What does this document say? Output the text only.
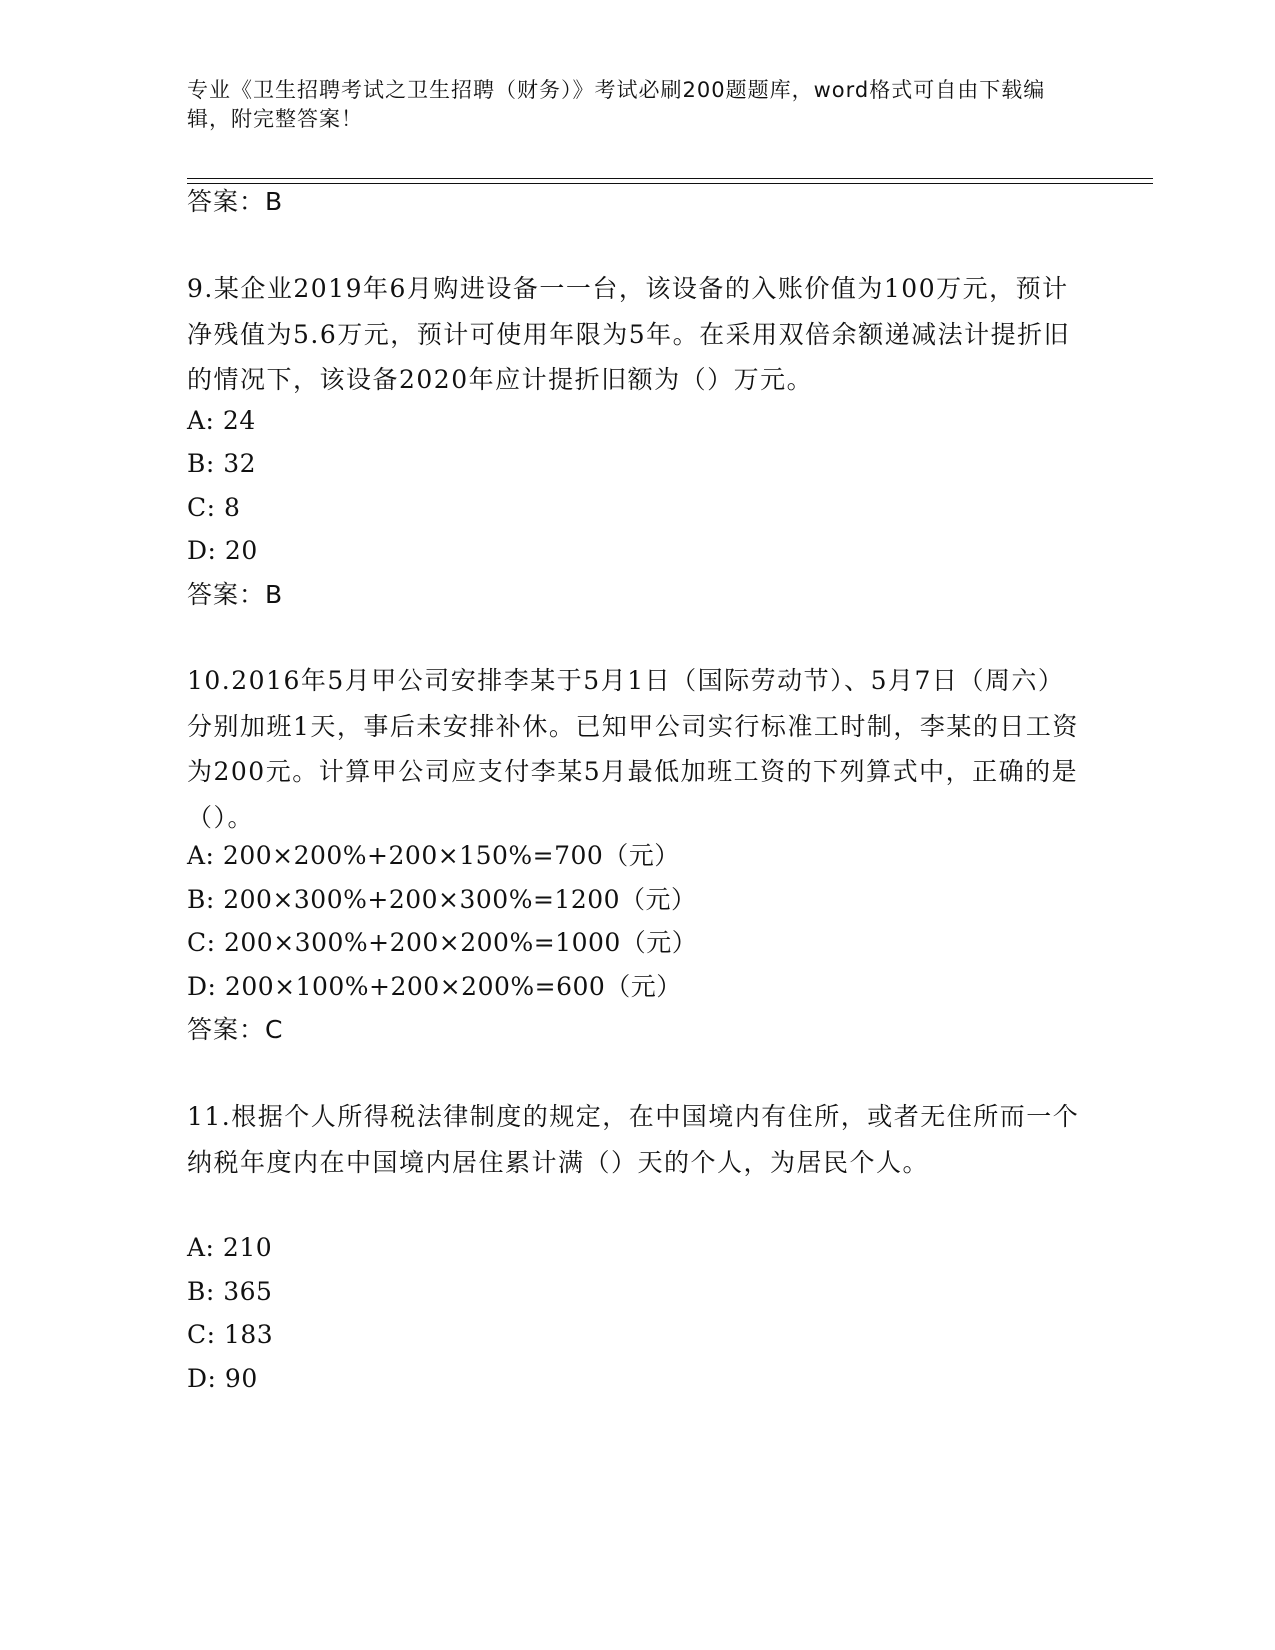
专业《卫生招聘考试之卫生招聘（财务）》考试必刷200题题库，word格式可自由下载编辑，附完整答案！
答案：B
9.某企业2019年6月购进设备一一台，该设备的入账价值为100万元，预计净残值为5.6万元，预计可使用年限为5年。在采用双倍余额递减法计提折旧的情况下，该设备2020年应计提折旧额为（）万元。
A: 24
B: 32
C: 8
D: 20
答案：B
10.2016年5月甲公司安排李某于5月1日（国际劳动节）、5月7日（周六）分别加班1天，事后未安排补休。已知甲公司实行标准工时制，李某的日工资为200元。计算甲公司应支付李某5月最低加班工资的下列算式中，正确的是（）。
A: 200×200%+200×150%=700（元）
B: 200×300%+200×300%=1200（元）
C: 200×300%+200×200%=1000（元）
D: 200×100%+200×200%=600（元）
答案：C
11.根据个人所得税法律制度的规定，在中国境内有住所，或者无住所而一个纳税年度内在中国境内居住累计满（）天的个人，为居民个人。
A: 210
B: 365
C: 183
D: 90
